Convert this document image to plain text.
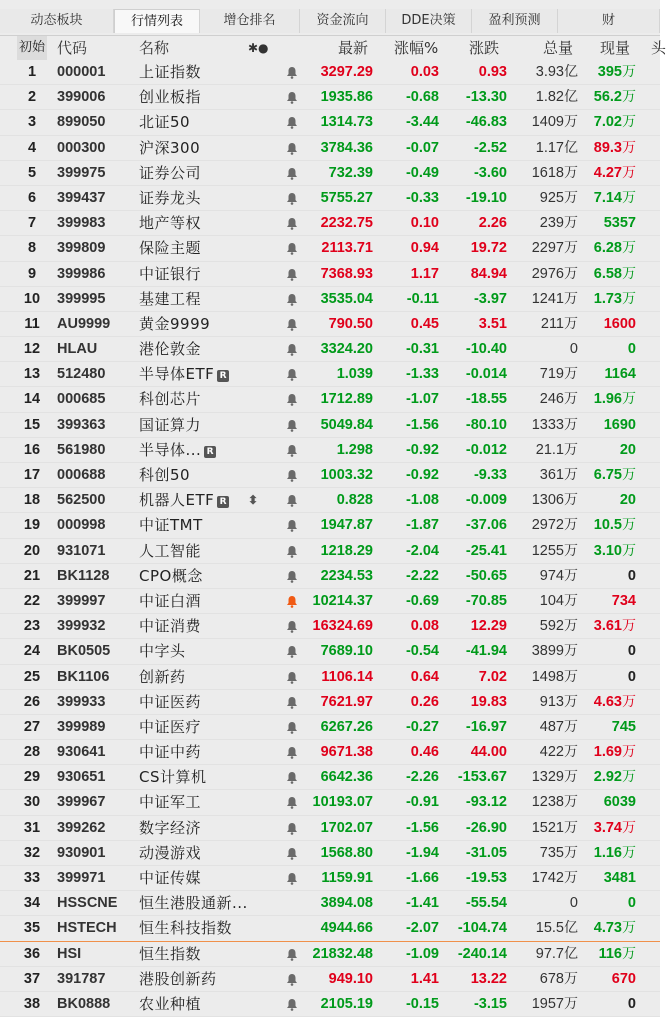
动态板块	行情列表	增仓排名	资金流向	DDE决策	盈利预测	财
初始 代码	名称	✱●	最新 涨幅% 涨跌	总量 现量 头
1	000001 上证指数	3297.29	0.03	0.93	3.93亿	395万
2	399006 创业板指	1935.86	-0.68	-13.30	1.82亿	56.2万
3	899050 北证50	1314.73	-3.44	-46.83	1409万	7.02万
4	000300 沪深300	3784.36	-0.07	-2.52	1.17亿	89.3万
5	399975 证券公司	732.39	-0.49	-3.60	1618万	4.27万
6	399437 证券龙头	5755.27	-0.33	-19.10	925万	7.14万
7	399983 地产等权	2232.75	0.10	2.26	239万	5357
8	399809 保险主题	2113.71	0.94	19.72	2297万	6.28万
9	399986 中证银行	7368.93	1.17	84.94	2976万	6.58万
10	399995 基建工程	3535.04	-0.11	-3.97	1241万	1.73万
11	AU9999 黄金9999	790.50	0.45	3.51	211万	1600
12	HLAU	港伦敦金	3324.20	-0.31	-10.40	0	0
13	512480 半导体ETF R	1.039	-1.33	-0.014	719万	1164
14	000685 科创芯片	1712.89	-1.07	-18.55	246万	1.96万
15	399363 国证算力	5049.84	-1.56	-80.10	1333万	1690
16	561980 半导体... R	1.298	-0.92	-0.012	21.1万	20
17	000688 科创50	1003.32	-0.92	-9.33	361万	6.75万
18	562500 机器人ETF R ⬍	0.828	-1.08	-0.009	1306万	20
19	000998 中证TMT	1947.87	-1.87	-37.06	2972万	10.5万
20	931071 人工智能	1218.29	-2.04	-25.41	1255万	3.10万
21	BK1128 CPO概念	2234.53	-2.22	-50.65	974万	0
22	399997 中证白酒	10214.37	-0.69	-70.85	104万	734
23	399932 中证消费	16324.69	0.08	12.29	592万	3.61万
24	BK0505 中字头	7689.10	-0.54	-41.94	3899万	0
25	BK1106 创新药	1106.14	0.64	7.02	1498万	0
26	399933 中证医药	7621.97	0.26	19.83	913万	4.63万
27	399989 中证医疗	6267.26	-0.27	-16.97	487万	745
28	930641 中证中药	9671.38	0.46	44.00	422万	1.69万
29	930651 CS计算机	6642.36	-2.26	-153.67	1329万	2.92万
30	399967 中证军工	10193.07	-0.91	-93.12	1238万	6039
31	399262 数字经济	1702.07	-1.56	-26.90	1521万	3.74万
32	930901 动漫游戏	1568.80	-1.94	-31.05	735万	1.16万
33	399971 中证传媒	1159.91	-1.66	-19.53	1742万	3481
34	HSSCNE 恒生港股通新...	3894.08	-1.41	-55.54	0	0
35	HSTECH 恒生科技指数	4944.66	-2.07	-104.74	15.5亿	4.73万
36	HSI	恒生指数	21832.48	-1.09	-240.14	97.7亿	116万
37	391787 港股创新药	949.10	1.41	13.22	678万	670
38	BK0888 农业种植	2105.19	-0.15	-3.15	1957万	0
